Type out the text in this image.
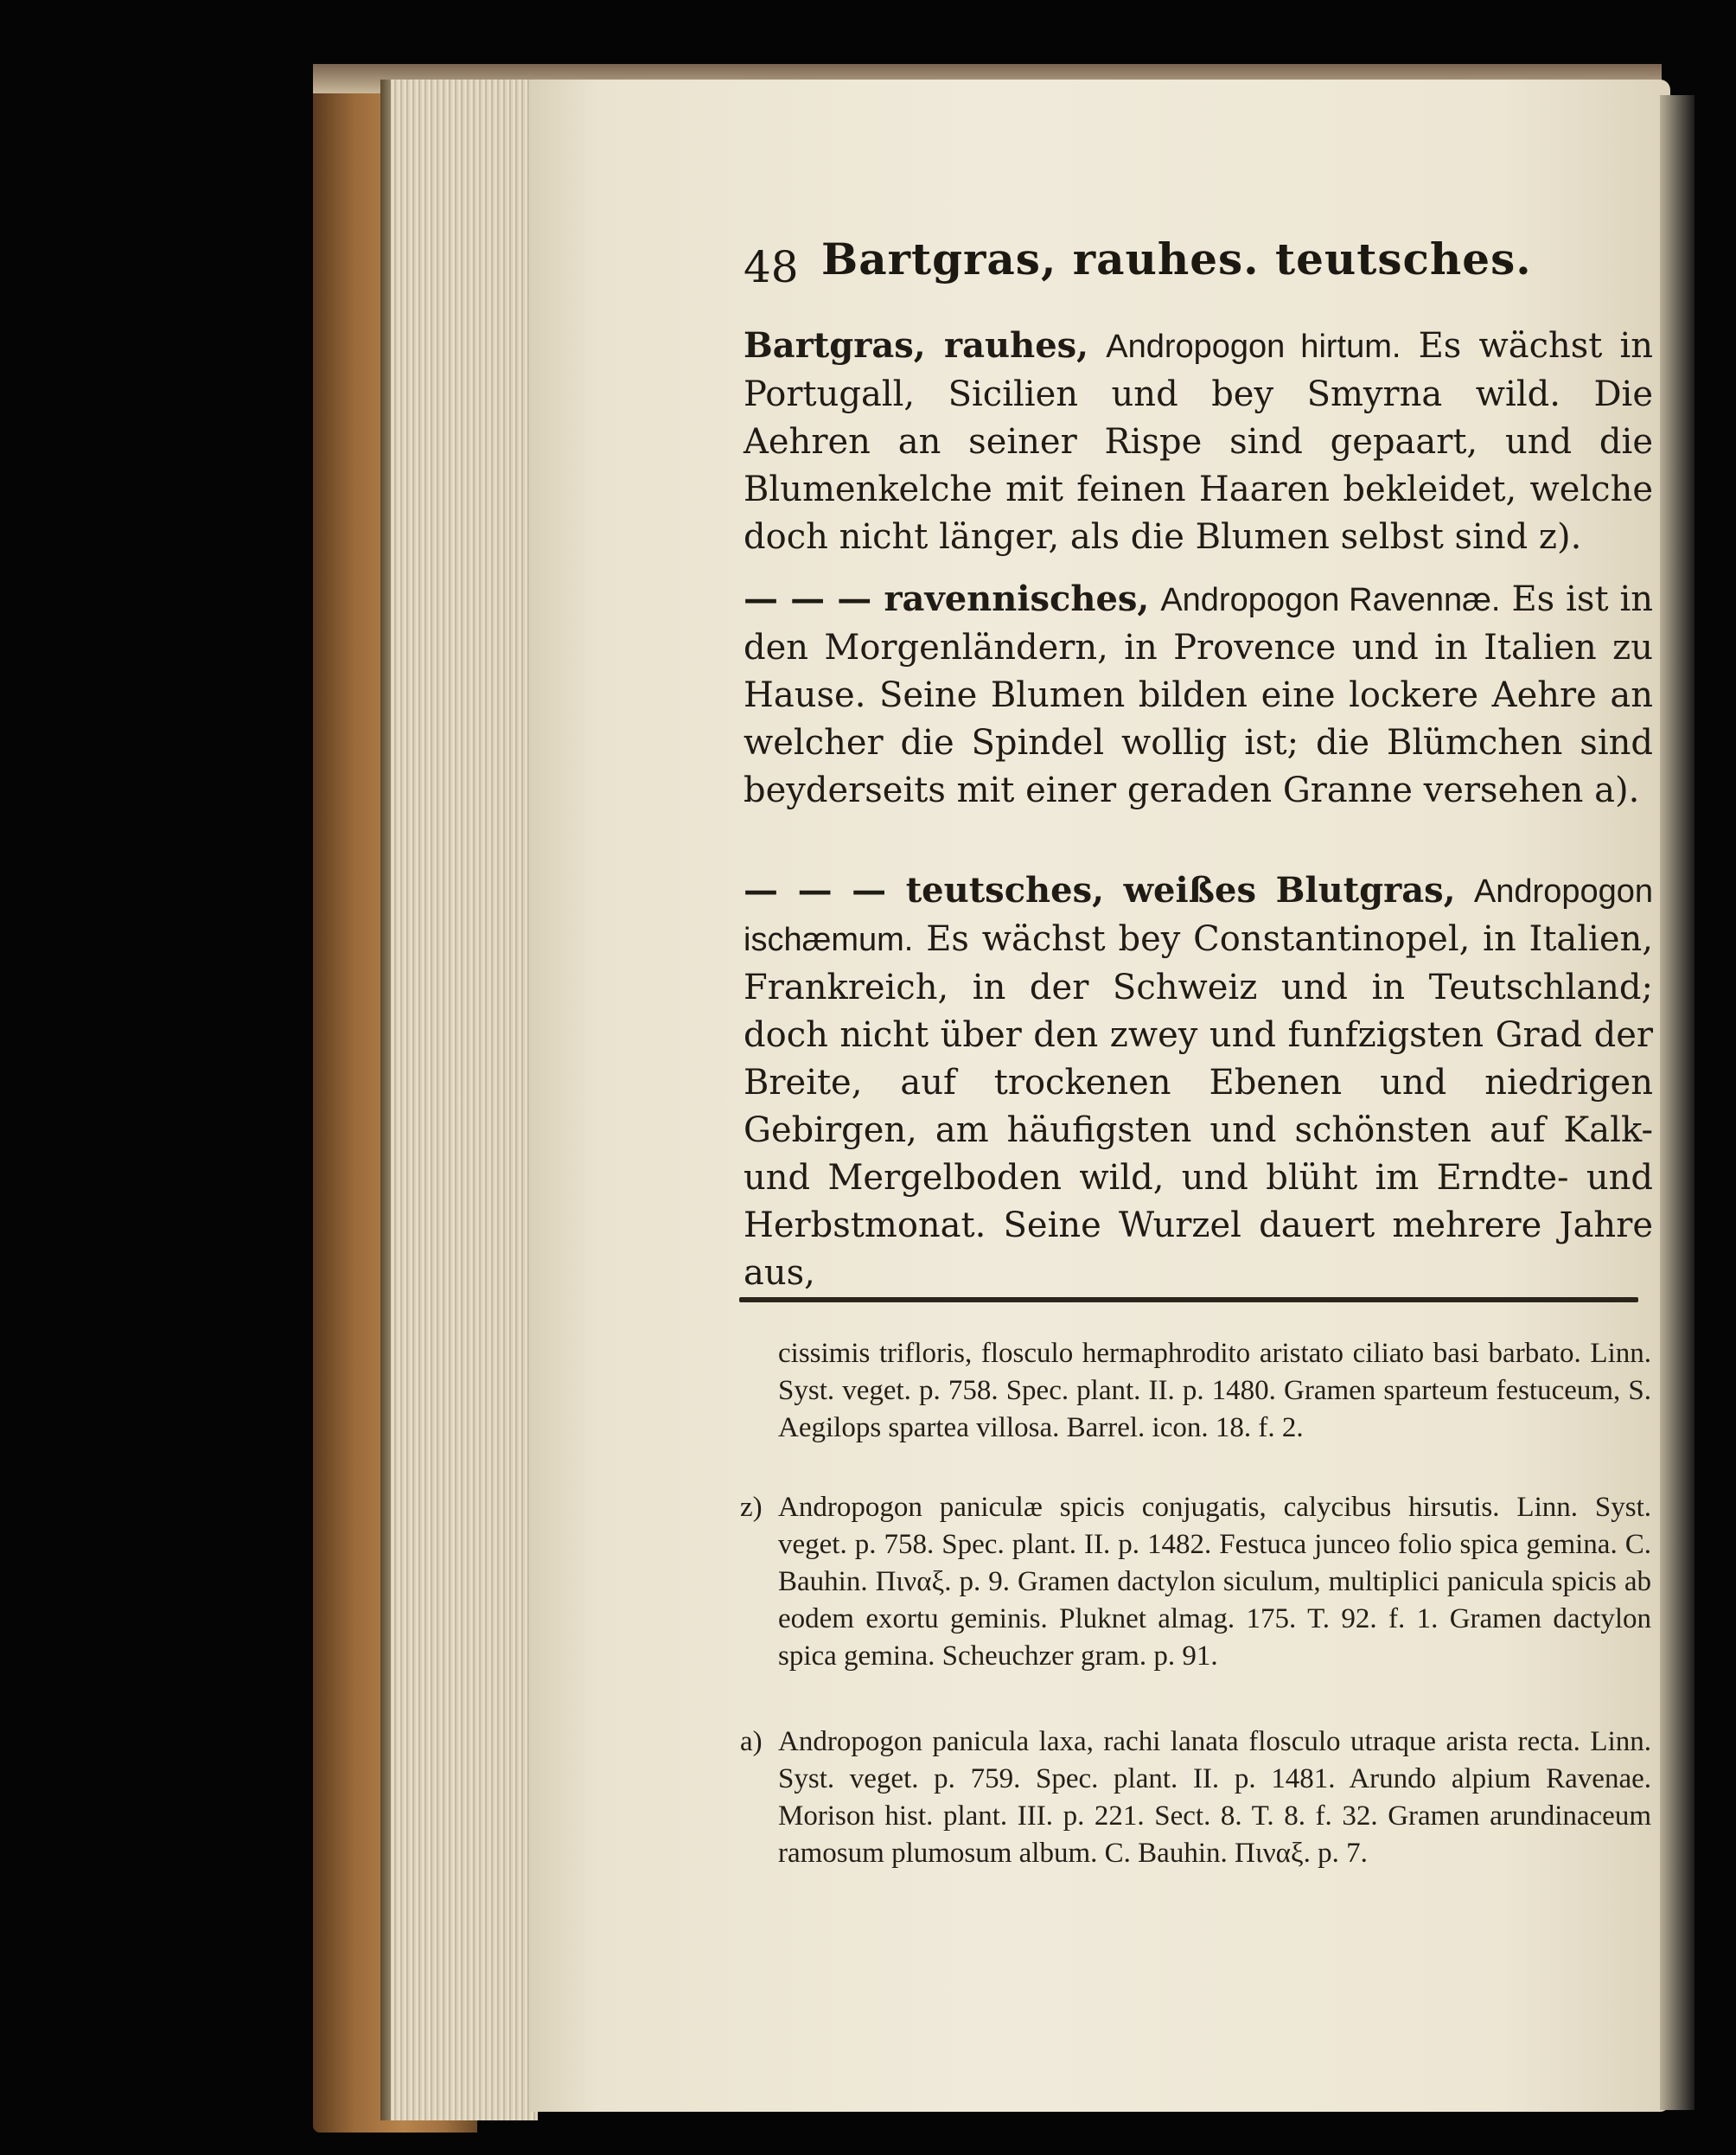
48 Bartgras, rauhes. teutsches.
Bartgras, rauhes, Andropogon hirtum. Es wächst in Portugall, Sicilien und bey Smyrna wild. Die Aehren an seiner Rispe sind gepaart, und die Blumenkelche mit feinen Haaren bekleidet, welche doch nicht länger, als die Blumen selbst sind z).
— — — ravennisches, Andropogon Ravennæ. Es ist in den Morgenländern, in Provence und in Italien zu Hause. Seine Blumen bilden eine lockere Aehre an welcher die Spindel wollig ist; die Blümchen sind beyderseits mit einer geraden Granne versehen a).
— — — teutsches, weißes Blutgras, Andropogon ischæmum. Es wächst bey Constantinopel, in Italien, Frankreich, in der Schweiz und in Teutschland; doch nicht über den zwey und funfzigsten Grad der Breite, auf trockenen Ebenen und niedrigen Gebirgen, am häufigsten und schönsten auf Kalk- und Mergelboden wild, und blüht im Erndte- und Herbstmonat. Seine Wurzel dauert mehrere Jahre aus,
cissimis trifloris, flosculo hermaphrodito aristato ciliato basi barbato. Linn. Syst. veget. p. 758. Spec. plant. II. p. 1480. Gramen sparteum festuceum, S. Aegilops spartea villosa. Barrel. icon. 18. f. 2.
z) Andropogon paniculæ spicis conjugatis, calycibus hirsutis. Linn. Syst. veget. p. 758. Spec. plant. II. p. 1482. Festuca junceo folio spica gemina. C. Bauhin. Πιναξ. p. 9. Gramen dactylon siculum, multiplici panicula spicis ab eodem exortu geminis. Pluknet almag. 175. T. 92. f. 1. Gramen dactylon spica gemina. Scheuchzer gram. p. 91.
a) Andropogon panicula laxa, rachi lanata flosculo utraque arista recta. Linn. Syst. veget. p. 759. Spec. plant. II. p. 1481. Arundo alpium Ravenae. Morison hist. plant. III. p. 221. Sect. 8. T. 8. f. 32. Gramen arundinaceum ramosum plumosum album. C. Bauhin. Πιναξ. p. 7.
